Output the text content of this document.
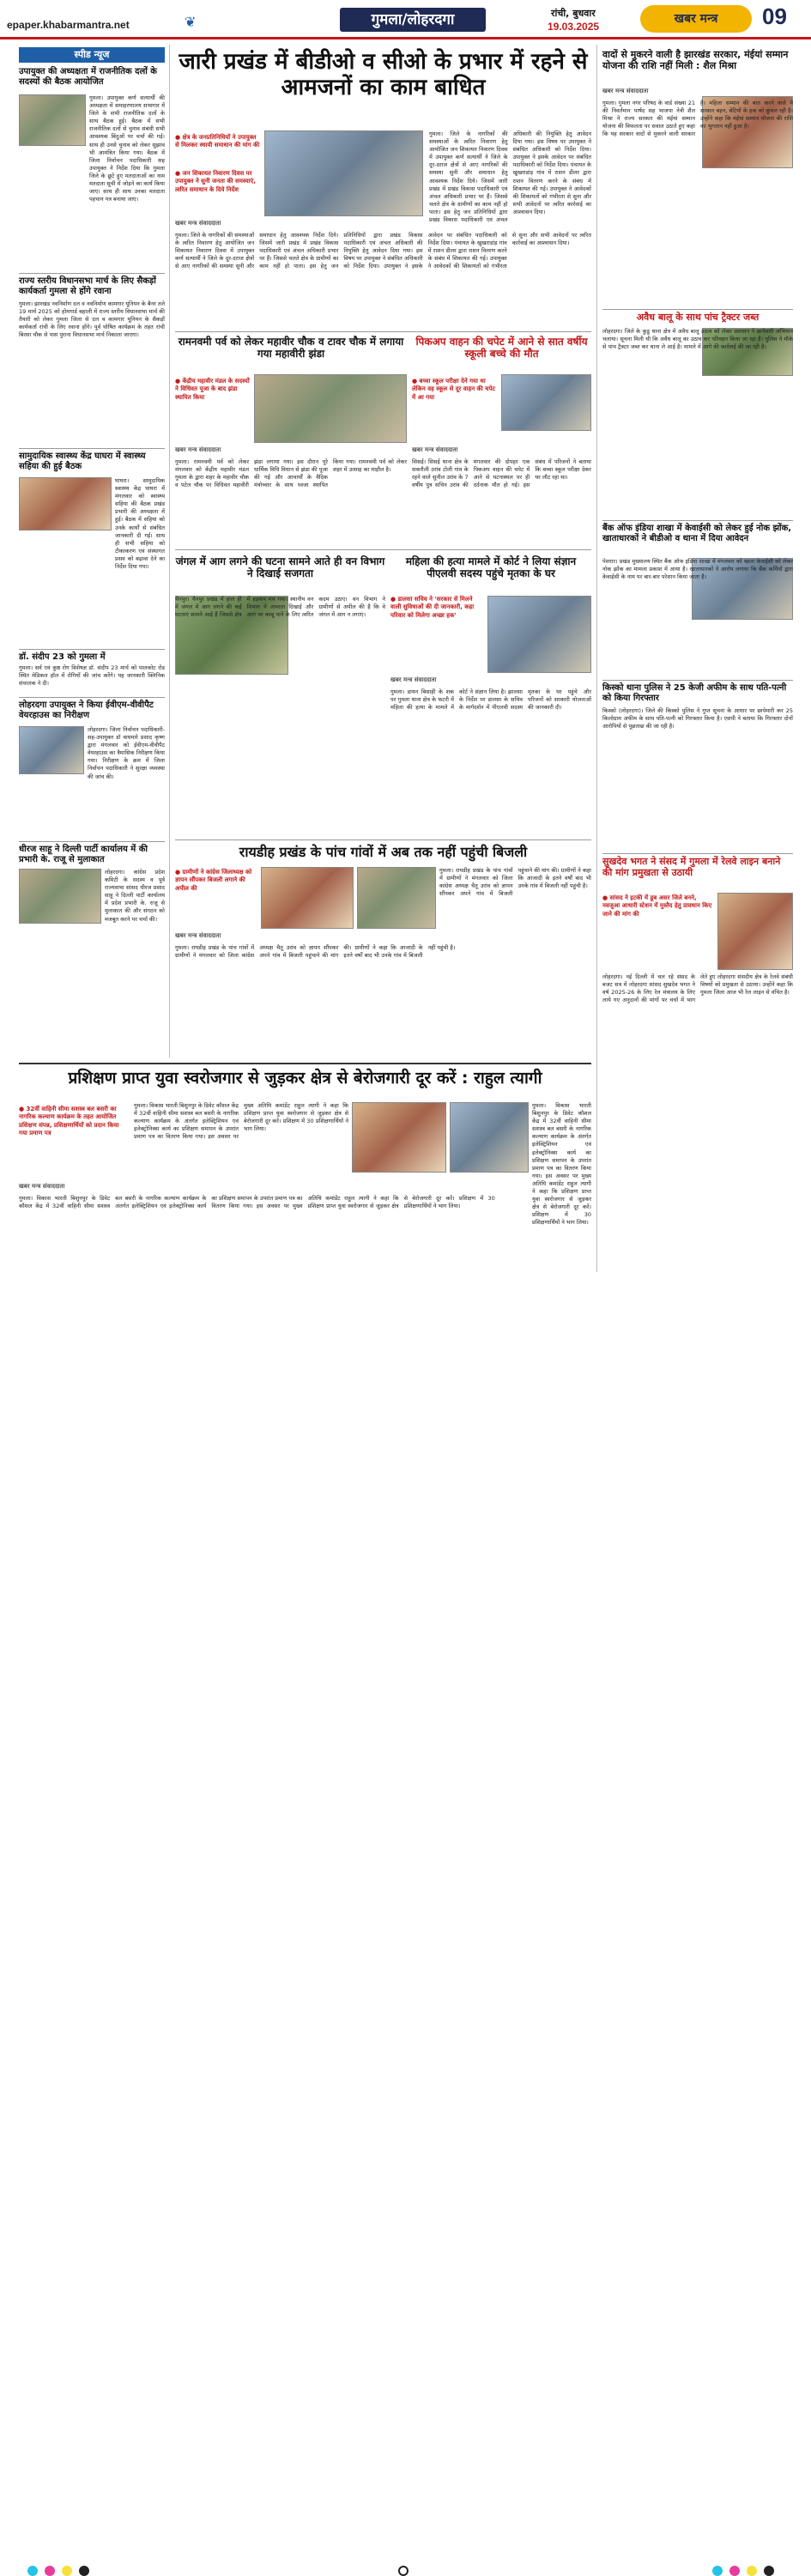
epaper.khabarmantra.net	❦	गुमला/लोहरदगा	रांची, बुधवार
19.03.2025
खबर मन्त्र	09
स्पीड न्यूज
उपायुक्त की अध्यक्षता में राजनीतिक दलों के सदस्यों की बैठक आयोजित
गुमला। उपायुक्त कर्ण सत्यार्थी की अध्यक्षता में समाहरणालय सभागार में जिले के सभी राजनीतिक दलों के साथ बैठक हुई। बैठक में सभी राजनीतिक दलों से चुनाव संबंधी सभी आवश्यक बिंदुओं पर चर्चा की गई। साथ ही उनसे चुनाव को लेकर सुझाव भी आमंत्रित किया गया। बैठक में जिला निर्वाचन पदाधिकारी सह उपायुक्त ने निर्देश दिया कि गुमला जिले के छूटे हुए मतदाताओं का नाम मतदाता सूची में जोड़ने का कार्य किया जाए। साथ ही साथ उनका मतदाता पहचान पत्र बनाया जाए।
राज्य स्तरीय विधानसभा मार्च के लिए सैकड़ों कार्यकर्ता गुमला से होंगे रवाना
गुमला। झारखंड नवनिर्माण दल व नवनिर्माण कामगार यूनियन के बैनर तले 19 मार्च 2025 को होमगार्ड बहाली में राज्य स्तरीय विधानसभा मार्च की तैयारी को लेकर गुमला जिला से दल व कामगार यूनियन के सैकड़ों कार्यकर्ता रांची के लिए रवाना होंगे। पूर्व घोषित कार्यक्रम के तहत रांची बिरसा चौक से पास पुराना विधानसभा मार्च निकाला जाएगा।
सामुदायिक स्वास्थ्य केंद्र घाघरा में स्वास्थ्य सहिया की हुई बैठक
घाघरा। सामुदायिक स्वास्थ्य केंद्र घाघरा में मंगलवार को स्वास्थ्य सहिया की बैठक प्रखंड प्रभारी की अध्यक्षता में हुई। बैठक में सहिया को उनके कार्यों से संबंधित जानकारी दी गई। साथ ही सभी सहिया को टीकाकरण एवं संस्थागत प्रसव को बढ़ावा देने का निर्देश दिया गया।
डॉ. संदीप 23 को गुमला में
गुमला। सर्व एवं कुष्ठ रोग विशेषज्ञ डॉ. संदीप 23 मार्च को पालकोट रोड स्थित मेडिकल हॉल में रोगियों की जांच करेंगे। यह जानकारी क्लिनिक संचालक ने दी।
लोहरदगा उपायुक्त ने किया ईवीएम-वीवीपैट वेयरहाउस का निरीक्षण
लोहरदगा। जिला निर्वाचन पदाधिकारी-सह-उपायुक्त डॉ वाघमारे प्रसाद कृष्ण द्वारा मंगलवार को ईवीएम-वीवीपैट वेयरहाउस का त्रैमासिक निरीक्षण किया गया। निरीक्षण के क्रम में जिला निर्वाचन पदाधिकारी ने सुरक्षा व्यवस्था की जांच की।
धीरज साहू ने दिल्ली पार्टी कार्यालय में की प्रभारी के. राजू से मुलाकात
लोहरदगा। कांग्रेस प्रदेश कमिटी के सदस्य व पूर्व राज्यसभा सांसद धीरज प्रसाद साहू ने दिल्ली पार्टी कार्यालय में प्रदेश प्रभारी के. राजू से मुलाकात की और संगठन को मजबूत करने पर चर्चा की।
जारी प्रखंड में बीडीओ व सीओ के प्रभार में रहने से आमजनों का काम बाधित
● क्षेत्र के जनप्रतिनिधियों ने उपायुक्त से मिलकर स्थायी समाधान की मांग की
● जन शिकायत निवारण दिवस पर उपायुक्त ने सुनी जनता की समस्याएं, त्वरित समाधान के दिये निर्देश
खबर मन्त्र संवाददाता
गुमला। जिले के नागरिकों की समस्याओं के त्वरित निवारण हेतु आयोजित जन शिकायत निवारण दिवस में उपायुक्त कर्ण सत्यार्थी ने जिले के दूर-दराज क्षेत्रों से आए नागरिकों की समस्या सुनी और समाधान हेतु आवश्यक निर्देश दिये। जिसमें जारी प्रखंड में प्रखंड विकास पदाधिकारी एवं अंचल अधिकारी प्रभार पर हैं। जिससे चलते क्षेत्र के ग्रामीणों का काम नहीं हो पाता। इस हेतु जन प्रतिनिधियों द्वारा प्रखंड विकास पदाधिकारी एवं अंचल अधिकारी की नियुक्ति हेतु आवेदन दिया गया। इस विषय पर उपायुक्त ने संबंधित अधिकारी को निर्देश दिया। उपायुक्त ने इसके आवेदन पर संबंधित पदाधिकारी को निर्देश दिया। पंचायत के खुखराडांड़ गांव में राशन डीलर द्वारा राशन वितरण करने के संबंध में शिकायत की गई। उपायुक्त ने आवेदकों की शिकायतों को गंभीरता से सुना और सभी आवेदनों पर त्वरित कार्रवाई का आश्वासन दिया।
गुमला। जिले के नागरिकों की समस्याओं के त्वरित निवारण हेतु आयोजित जन शिकायत निवारण दिवस में उपायुक्त कर्ण सत्यार्थी ने जिले के दूर-दराज क्षेत्रों से आए नागरिकों की समस्या सुनी और समाधान हेतु आवश्यक निर्देश दिये। जिसमें जारी प्रखंड में प्रखंड विकास पदाधिकारी एवं अंचल अधिकारी प्रभार पर हैं। जिससे चलते क्षेत्र के ग्रामीणों का काम नहीं हो पाता। इस हेतु जन प्रतिनिधियों द्वारा प्रखंड विकास पदाधिकारी एवं अंचल अधिकारी की नियुक्ति हेतु आवेदन दिया गया। इस विषय पर उपायुक्त ने संबंधित अधिकारी को निर्देश दिया। उपायुक्त ने इसके आवेदन पर संबंधित पदाधिकारी को निर्देश दिया। पंचायत के खुखराडांड़ गांव में राशन डीलर द्वारा राशन वितरण करने के संबंध में शिकायत की गई। उपायुक्त ने आवेदकों की शिकायतों को गंभीरता से सुना और सभी आवेदनों पर त्वरित कार्रवाई का आश्वासन दिया।
वादों से मुकरने वाली है झारखंड सरकार, मंईयां सम्मान योजना की राशि नहीं मिली : शैल मिश्रा
खबर मन्त्र संवाददाता
गुमला। गुमला नगर परिषद के वार्ड संख्या 21 की निवर्तमान पार्षद सह भाजपा नेत्री शैल मिश्रा ने राज्य सरकार की मंईयां सम्मान योजना की विफलता पर सवाल उठाते हुए कहा कि यह सरकार वादों से मुकरने वाली सरकार है। महिला सम्मान की बात करने वाले ये सरकार बहन, बेटियों के हक को कुचल रही है। उन्होंने कहा कि मंईयां सम्मान योजना की राशि का भुगतान नहीं हुआ है।
अवैध बालू के साथ पांच ट्रैक्टर जब्त
लोहरदगा। जिले के कुडू थाना क्षेत्र में अवैध बालू उठाव को लेकर प्रशासन ने छापेमारी अभियान चलाया। सूचना मिली थी कि अवैध बालू का उठाव कर परिवहन किया जा रहा है। पुलिस ने मौके से पांच ट्रैक्टर जब्त कर थाना ले आई है। मामले में आगे की कार्रवाई की जा रही है।
बैंक ऑफ इंडिया शाखा में केवाईसी को लेकर हुई नोक झोंक, खाताधारकों ने बीडीओ व थाना में दिया आवेदन
पेशरार। प्रखंड मुख्यालय स्थित बैंक ऑफ इंडिया शाखा में मंगलवार को खाता केवाईसी को लेकर नोक झोंक का मामला प्रकाश में आया है। खाताधारकों ने आरोप लगाया कि बैंक कर्मियों द्वारा केवाईसी के नाम पर बार-बार परेशान किया जाता है।
किस्को थाना पुलिस ने 25 केजी अफीम के साथ पति-पत्नी को किया गिरफ्तार
किस्को (लोहरदगा)। जिले की किस्को पुलिस ने गुप्त सूचना के आधार पर छापेमारी कर 25 किलोग्राम अफीम के साथ पति-पत्नी को गिरफ्तार किया है। एसपी ने बताया कि गिरफ्तार दोनों आरोपियों से पूछताछ की जा रही है।
सुखदेव भगत ने संसद में गुमला में रेलवे लाइन बनाने की मांग प्रमुखता से उठायी
● सांसद ने इटकी में डूब असर जिले बनने, नवजुआ आधारी स्टेशन में मुस्तैद हेतु प्रावधान किए जाने की मांग की
लोहरदगा। नई दिल्ली में चल रहे संसद के बजट सत्र में लोहरदगा सांसद सुखदेव भगत ने वर्ष 2025-26 के लिए रेल मंत्रालय के लिए लाये गए अनुदानों की मांगों पर चर्चा में भाग लेते हुए लोहरदगा संसदीय क्षेत्र के रेलवे संबंधी विषयों को प्रमुखता से उठाया। उन्होंने कहा कि गुमला जिला आज भी रेल लाइन से वंचित है।
रामनवमी पर्व को लेकर महावीर चौक व टावर चौक में लगाया गया महावीरी झंडा
● केंद्रीय महावीर मंडल के सदस्यों ने विधिवत पूजा के बाद झंडा स्थापित किया
खबर मन्त्र संवाददाता
गुमला। रामनवमी पर्व को लेकर मंगलवार को केंद्रीय महावीर मंडल गुमला के द्वारा शहर के महावीर चौक व पटेल चौक पर विधिवत महावीरी झंडा लगाया गया। इस दौरान पूरे धार्मिक विधि विधान से झंडा की पूजा की गई और आचार्यों के वैदिक मंत्रोच्चार के साथ ध्वजा स्थापित किया गया। रामनवमी पर्व को लेकर शहर में उत्साह का माहौल है।
पिकअप वाहन की चपेट में आने से सात वर्षीय स्कूली बच्चे की मौत
● बच्चा स्कूल परीक्षा देने गया था लेकिन वह स्कूल से दूर वाहन की चपेट में आ गया
खबर मन्त्र संवाददाता
सिसई। सिसई थाना क्षेत्र के सकरौली उरांव टोली गांव के रहने वाले सुनील उरांव के 7 वर्षीय पुत्र सचिन उरांव की मंगलवार की दोपहर एक पिकअप वाहन की चपेट में आने से घटनास्थल पर ही दर्दनाक मौत हो गई। इस संबंध में परिजनों ने बताया कि बच्चा स्कूल परीक्षा देकर घर लौट रहा था।
जंगल में आग लगने की घटना सामने आते ही वन विभाग ने दिखाई सजगता
चैनपुर। चैनपुर प्रखंड में हाल ही में जंगल में आग लगने की कई घटनाएं सामने आई हैं जिससे क्षेत्र में हड़कंप मच गया। स्थानीय वन विभाग ने तत्परता दिखाई और आग पर काबू पाने के लिए त्वरित कदम उठाए। वन विभाग ने ग्रामीणों से अपील की है कि वे जंगल में आग न लगाएं।
महिला की हत्या मामले में कोर्ट ने लिया संज्ञान पीएलवी सदस्य पहुंचे मृतका के घर
● डालसा सचिव ने 'सरकार से मिलने वाली सुविधाओं की दी जानकारी, कहा परिवार को मिलेगा अच्छा हक'
खबर मन्त्र संवाददाता
गुमला। डायन बिसाही के शक पर गुमला थाना क्षेत्र के फटरी में महिला की हत्या के मामले में कोर्ट ने संज्ञान लिया है। झालसा के निर्देश पर डालसा के सचिव के मार्गदर्शन में पीएलवी सदस्य मृतका के घर पहुंचे और परिजनों को सरकारी योजनाओं की जानकारी दी।
रायडीह प्रखंड के पांच गांवों में अब तक नहीं पहुंची बिजली
● ग्रामीणों ने कांग्रेस जिलाध्यक्ष को ज्ञापन सौंपकर बिजली लगाने की अपील की
खबर मन्त्र संवाददाता
गुमला। रायडीह प्रखंड के पांच गांवों में ग्रामीणों ने मंगलवार को जिला कांग्रेस अध्यक्ष चैतू उरांव को ज्ञापन सौंपकर अपने गांव में बिजली पहुंचाने की मांग की। ग्रामीणों ने कहा कि आजादी के इतने वर्षों बाद भी उनके गांव में बिजली नहीं पहुंची है।
गुमला। रायडीह प्रखंड के पांच गांवों में ग्रामीणों ने मंगलवार को जिला कांग्रेस अध्यक्ष चैतू उरांव को ज्ञापन सौंपकर अपने गांव में बिजली पहुंचाने की मांग की। ग्रामीणों ने कहा कि आजादी के इतने वर्षों बाद भी उनके गांव में बिजली नहीं पहुंची है।
प्रशिक्षण प्राप्त युवा स्वरोजगार से जुड़कर क्षेत्र से बेरोजगारी दूर करें : राहुल त्यागी
● 32वीं वाहिनी सीमा सशस्त्र बल बसरी का नागरिक कल्याण कार्यक्रम के तहत आयोजित प्रशिक्षण संपन्न, प्रशिक्षणार्थियों को प्रदान किया गया प्रमाण पत्र
खबर मन्त्र संवाददाता
गुमला। विकास भारती बिशुनपुर के डिवेट कौशल केंद्र में 32वीं वाहिनी सीमा सशस्त्र बल बसरी के नागरिक कल्याण कार्यक्रम के अंतर्गत इलेक्ट्रिशियन एवं इलेक्ट्रोनिक्स कार्य का प्रशिक्षण समापन के उपरांत प्रमाण पत्र का वितरण किया गया। इस अवसर पर मुख्य अतिथि कमांडेंट राहुल त्यागी ने कहा कि प्रशिक्षण प्राप्त युवा स्वरोजगार से जुड़कर क्षेत्र से बेरोजगारी दूर करें। प्रशिक्षण में 30 प्रशिक्षणार्थियों ने भाग लिया।
गुमला। विकास भारती बिशुनपुर के डिवेट कौशल केंद्र में 32वीं वाहिनी सीमा सशस्त्र बल बसरी के नागरिक कल्याण कार्यक्रम के अंतर्गत इलेक्ट्रिशियन एवं इलेक्ट्रोनिक्स कार्य का प्रशिक्षण समापन के उपरांत प्रमाण पत्र का वितरण किया गया। इस अवसर पर मुख्य अतिथि कमांडेंट राहुल त्यागी ने कहा कि प्रशिक्षण प्राप्त युवा स्वरोजगार से जुड़कर क्षेत्र से बेरोजगारी दूर करें। प्रशिक्षण में 30 प्रशिक्षणार्थियों ने भाग लिया।
गुमला। विकास भारती बिशुनपुर के डिवेट कौशल केंद्र में 32वीं वाहिनी सीमा सशस्त्र बल बसरी के नागरिक कल्याण कार्यक्रम के अंतर्गत इलेक्ट्रिशियन एवं इलेक्ट्रोनिक्स कार्य का प्रशिक्षण समापन के उपरांत प्रमाण पत्र का वितरण किया गया। इस अवसर पर मुख्य अतिथि कमांडेंट राहुल त्यागी ने कहा कि प्रशिक्षण प्राप्त युवा स्वरोजगार से जुड़कर क्षेत्र से बेरोजगारी दूर करें। प्रशिक्षण में 30 प्रशिक्षणार्थियों ने भाग लिया।
